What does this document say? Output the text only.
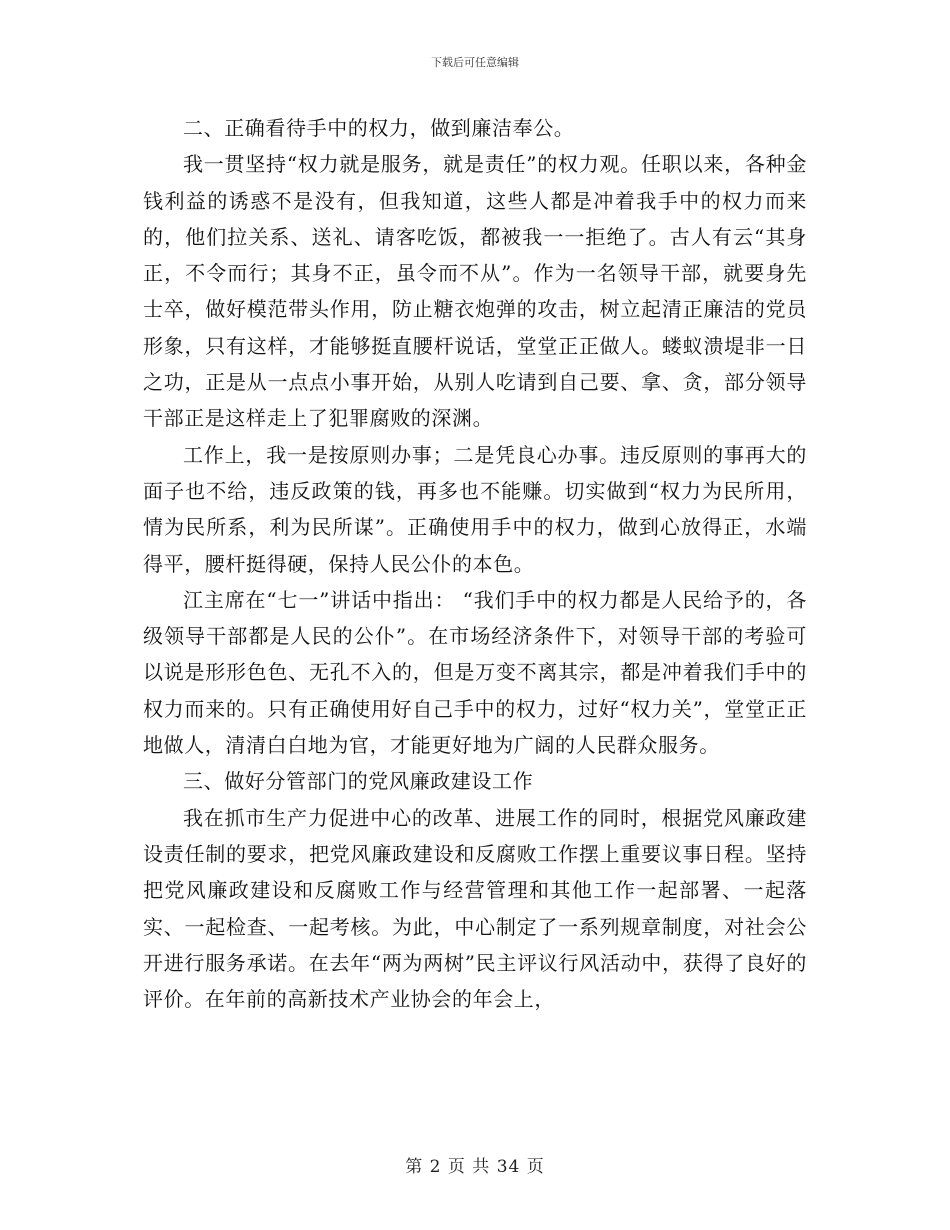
下载后可任意编辑

二、正确看待手中的权力，做到廉洁奉公。

我一贯坚持“权力就是服务，就是责任”的权力观。任职以来，各种金钱利益的诱惑不是没有，但我知道，这些人都是冲着我手中的权力而来的，他们拉关系、送礼、请客吃饭，都被我一一拒绝了。古人有云“其身正，不令而行；其身不正，虽令而不从”。作为一名领导干部，就要身先士卒，做好模范带头作用，防止糖衣炮弹的攻击，树立起清正廉洁的党员形象，只有这样，才能够挺直腰杆说话，堂堂正正做人。蝼蚁溃堤非一日之功，正是从一点点小事开始，从别人吃请到自己要、拿、贪，部分领导干部正是这样走上了犯罪腐败的深渊。

工作上，我一是按原则办事；二是凭良心办事。违反原则的事再大的面子也不给，违反政策的钱，再多也不能赚。切实做到“权力为民所用，情为民所系，利为民所谋”。正确使用手中的权力，做到心放得正，水端得平，腰杆挺得硬，保持人民公仆的本色。

江主席在“七一”讲话中指出： “我们手中的权力都是人民给予的，各级领导干部都是人民的公仆”。在市场经济条件下，对领导干部的考验可以说是形形色色、无孔不入的，但是万变不离其宗，都是冲着我们手中的权力而来的。只有正确使用好自己手中的权力，过好“权力关”，堂堂正正地做人，清清白白地为官，才能更好地为广阔的人民群众服务。

三、做好分管部门的党风廉政建设工作

我在抓市生产力促进中心的改革、进展工作的同时，根据党风廉政建设责任制的要求，把党风廉政建设和反腐败工作摆上重要议事日程。坚持把党风廉政建设和反腐败工作与经营管理和其他工作一起部署、一起落实、一起检查、一起考核。为此，中心制定了一系列规章制度，对社会公开进行服务承诺。在去年“两为两树”民主评议行风活动中，获得了良好的评价。在年前的高新技术产业协会的年会上，

第 2 页 共 34 页
